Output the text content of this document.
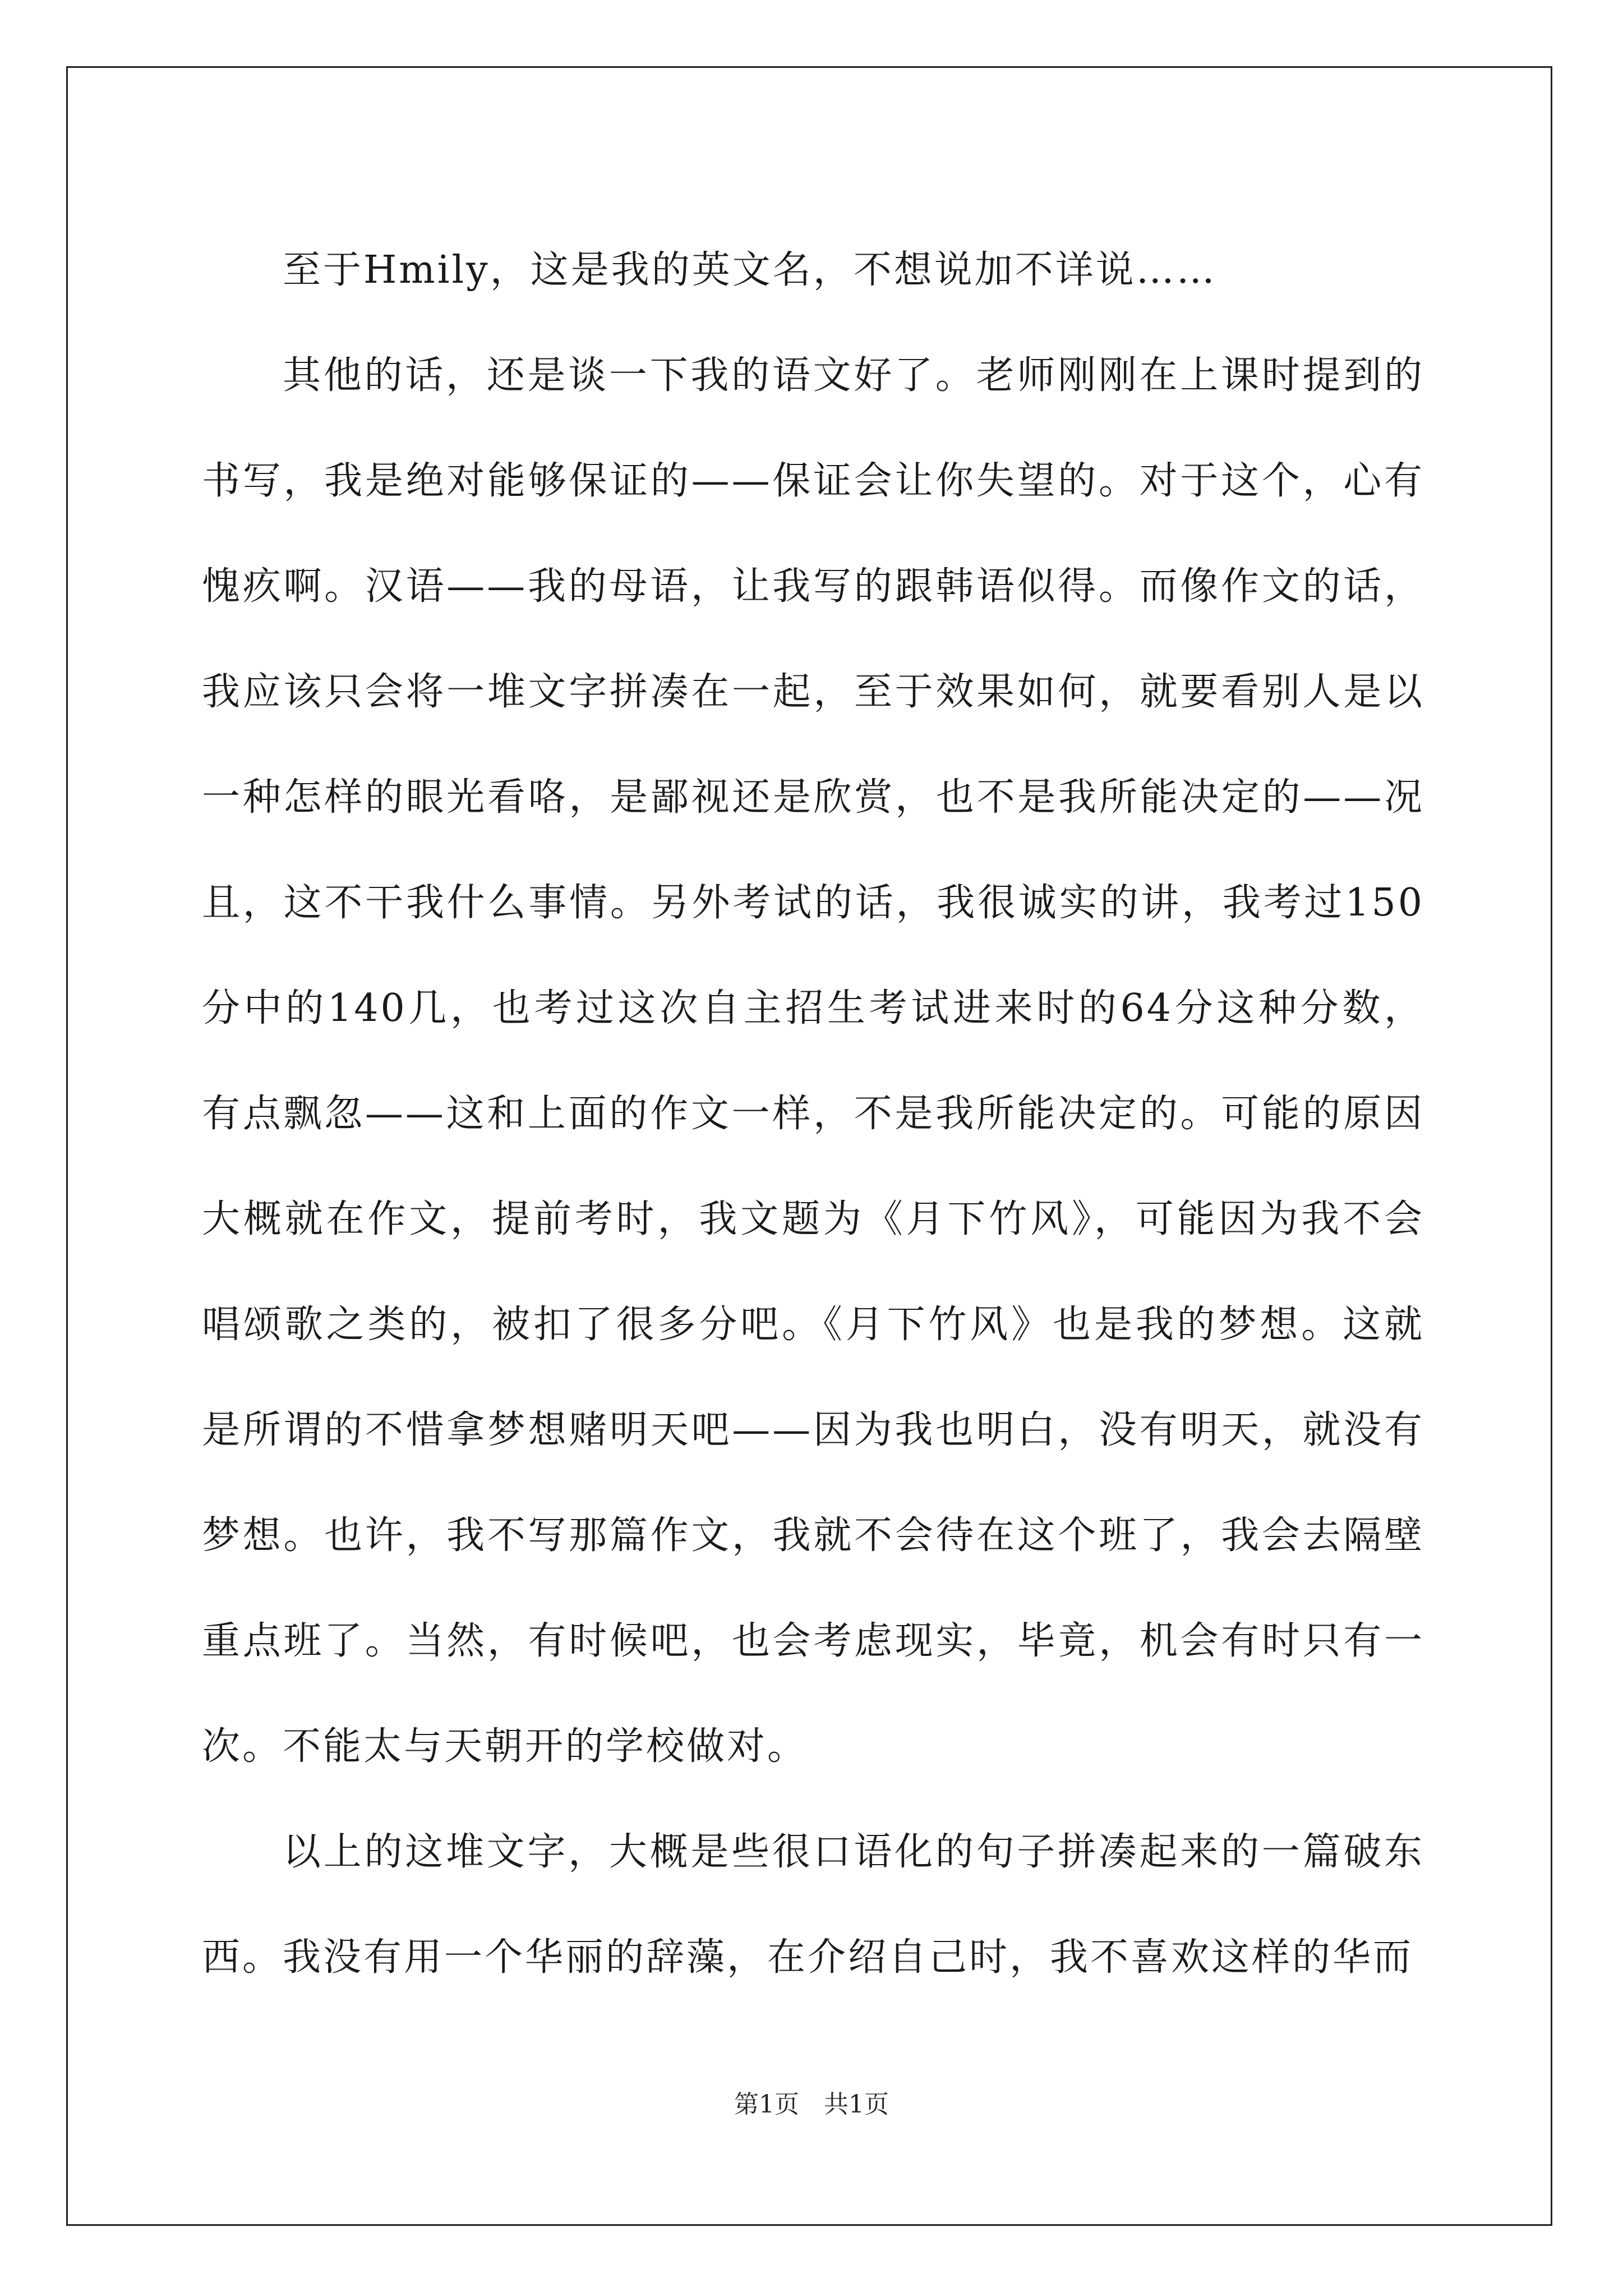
至于Hmily，这是我的英文名，不想说加不详说……

其他的话，还是谈一下我的语文好了。老师刚刚在上课时提到的书写，我是绝对能够保证的——保证会让你失望的。对于这个，心有愧疚啊。汉语——我的母语，让我写的跟韩语似得。而像作文的话，我应该只会将一堆文字拼凑在一起，至于效果如何，就要看别人是以一种怎样的眼光看咯，是鄙视还是欣赏，也不是我所能决定的——况且，这不干我什么事情。另外考试的话，我很诚实的讲，我考过150分中的140几，也考过这次自主招生考试进来时的64分这种分数，有点飘忽——这和上面的作文一样，不是我所能决定的。可能的原因大概就在作文，提前考时，我文题为《月下竹风》，可能因为我不会唱颂歌之类的，被扣了很多分吧。《月下竹风》也是我的梦想。这就是所谓的不惜拿梦想赌明天吧——因为我也明白，没有明天，就没有梦想。也许，我不写那篇作文，我就不会待在这个班了，我会去隔壁重点班了。当然，有时候吧，也会考虑现实，毕竟，机会有时只有一次。不能太与天朝开的学校做对。

以上的这堆文字，大概是些很口语化的句子拼凑起来的一篇破东西。我没有用一个华丽的辞藻，在介绍自己时，我不喜欢这样的华而

第1页　共1页
